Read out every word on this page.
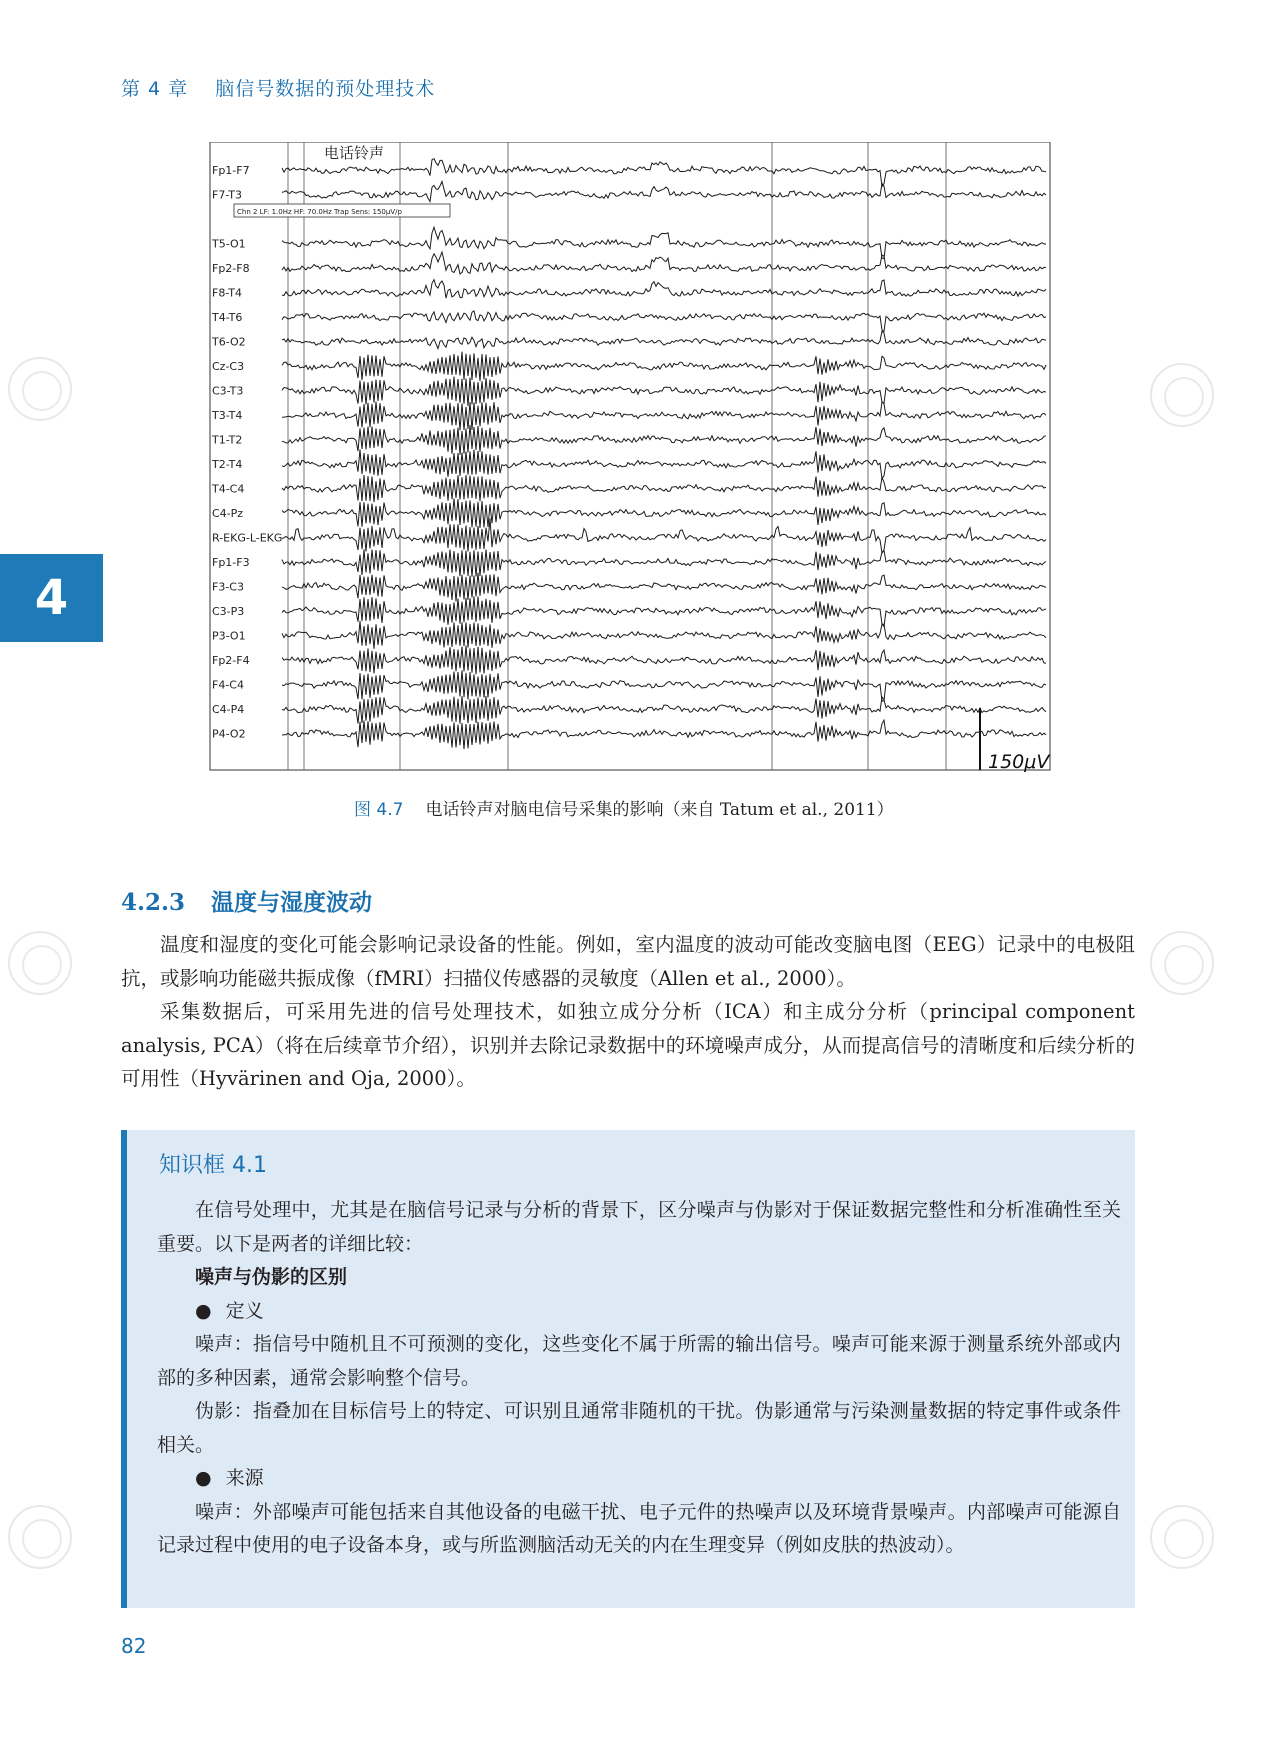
第 4 章 脑信号数据的预处理技术
4
Fp1-F7
F7-T3
T5-O1
Fp2-F8
F8-T4
T4-T6
T6-O2
Cz-C3
C3-T3
T3-T4
T1-T2
T2-T4
T4-C4
C4-Pz
R-EKG-L-EKG
Fp1-F3
F3-C3
C3-P3
P3-O1
Fp2-F4
F4-C4
C4-P4
P4-O2
电话铃声
Chn 2 LF: 1.0Hz HF: 70.0Hz Trap Sens: 150μV/p
150μV
图 4.7 电话铃声对脑电信号采集的影响（来自 Tatum et al., 2011）
4.2.3 温度与湿度波动

温度和湿度的变化可能会影响记录设备的性能。例如，室内温度的波动可能改变脑电图（EEG）记录中的电极阻抗，或影响功能磁共振成像（fMRI）扫描仪传感器的灵敏度（Allen et al., 2000）。

采集数据后，可采用先进的信号处理技术，如独立成分分析（ICA）和主成分分析（principal component analysis, PCA）（将在后续章节介绍），识别并去除记录数据中的环境噪声成分，从而提高信号的清晰度和后续分析的可用性（Hyvärinen and Oja, 2000）。

知识框 4.1

在信号处理中，尤其是在脑信号记录与分析的背景下，区分噪声与伪影对于保证数据完整性和分析准确性至关重要。以下是两者的详细比较：

噪声与伪影的区别

● 定义

噪声：指信号中随机且不可预测的变化，这些变化不属于所需的输出信号。噪声可能来源于测量系统外部或内部的多种因素，通常会影响整个信号。

伪影：指叠加在目标信号上的特定、可识别且通常非随机的干扰。伪影通常与污染测量数据的特定事件或条件相关。

● 来源

噪声：外部噪声可能包括来自其他设备的电磁干扰、电子元件的热噪声以及环境背景噪声。内部噪声可能源自记录过程中使用的电子设备本身，或与所监测脑活动无关的内在生理变异（例如皮肤的热波动）。

82
